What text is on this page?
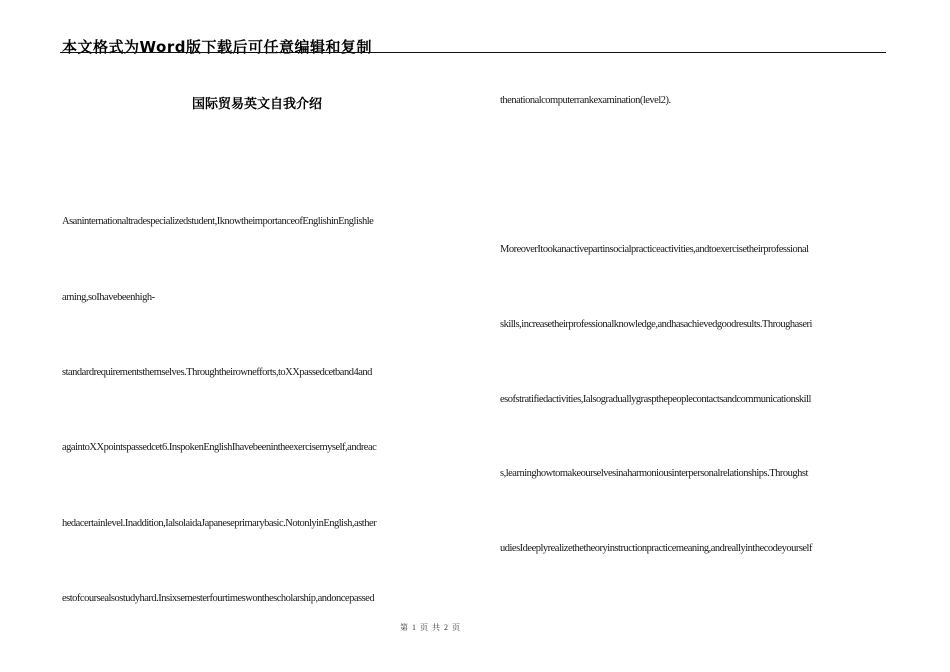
本文格式为Word版下载后可任意编辑和复制
国际贸易英文自我介绍
Asaninternationaltradespecializedstudent,IknowtheimportanceofEnglishinEnglishle
arning,soIhavebeenhigh-
standardrequirementsthemselves.Throughtheirownefforts,toXXpassedcetband4and
againtoXXpointspassedcet6.InspokenEnglishIhavebeenintheexercisemyself,andreac
hedacertainlevel.Inaddition,IalsolaidaJapaneseprimarybasic.NotonlyinEnglish,asther
estofcoursealsostudyhard.Insixsemesterfourtimeswonthescholarship,andoncepassed
thenationalcomputerrankexamination(level2).
MoreoverItookanactivepartinsocialpracticeactivities,andtoexercisetheirprofessional
skills,increasetheirprofessionalknowledge,andhasachievedgoodresults.Throughaseri
esofstratifiedactivities,Ialsograduallygraspthepeoplecontactsandcommunicationskill
s,learninghowtomakeourselvesinaharmoniousinterpersonalrelationships.Throughst
udiesIdeeplyrealizethetheoryinstructionpracticemeaning,andreallyinthecodeyourself
第 1 页 共 2 页
